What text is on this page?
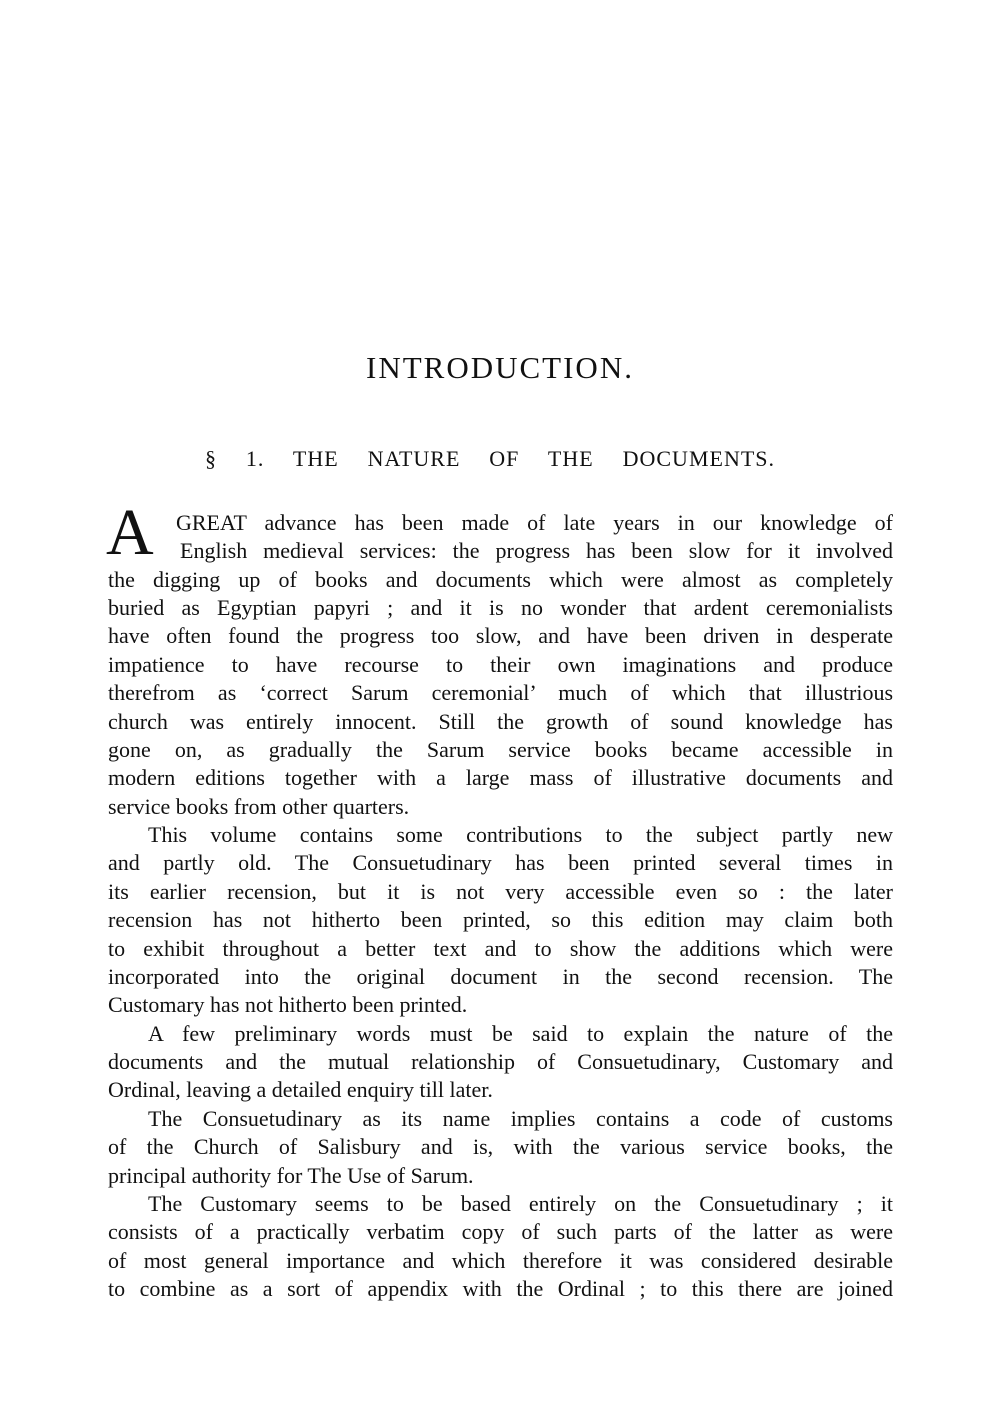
INTRODUCTION.
§ 1. THE NATURE OF THE DOCUMENTS.
A GREAT advance has been made of late years in our knowledge of
English medieval services: the progress has been slow for it involved
the digging up of books and documents which were almost as completely
buried as Egyptian papyri ; and it is no wonder that ardent ceremonialists
have often found the progress too slow, and have been driven in desperate
impatience to have recourse to their own imaginations and produce
therefrom as ‘correct Sarum ceremonial’ much of which that illustrious
church was entirely innocent. Still the growth of sound knowledge has
gone on, as gradually the Sarum service books became accessible in
modern editions together with a large mass of illustrative documents and
service books from other quarters.
This volume contains some contributions to the subject partly new
and partly old. The Consuetudinary has been printed several times in
its earlier recension, but it is not very accessible even so : the later
recension has not hitherto been printed, so this edition may claim both
to exhibit throughout a better text and to show the additions which were
incorporated into the original document in the second recension. The
Customary has not hitherto been printed.
A few preliminary words must be said to explain the nature of the
documents and the mutual relationship of Consuetudinary, Customary and
Ordinal, leaving a detailed enquiry till later.
The Consuetudinary as its name implies contains a code of customs
of the Church of Salisbury and is, with the various service books, the
principal authority for The Use of Sarum.
The Customary seems to be based entirely on the Consuetudinary ; it
consists of a practically verbatim copy of such parts of the latter as were
of most general importance and which therefore it was considered desirable
to combine as a sort of appendix with the Ordinal ; to this there are joined
